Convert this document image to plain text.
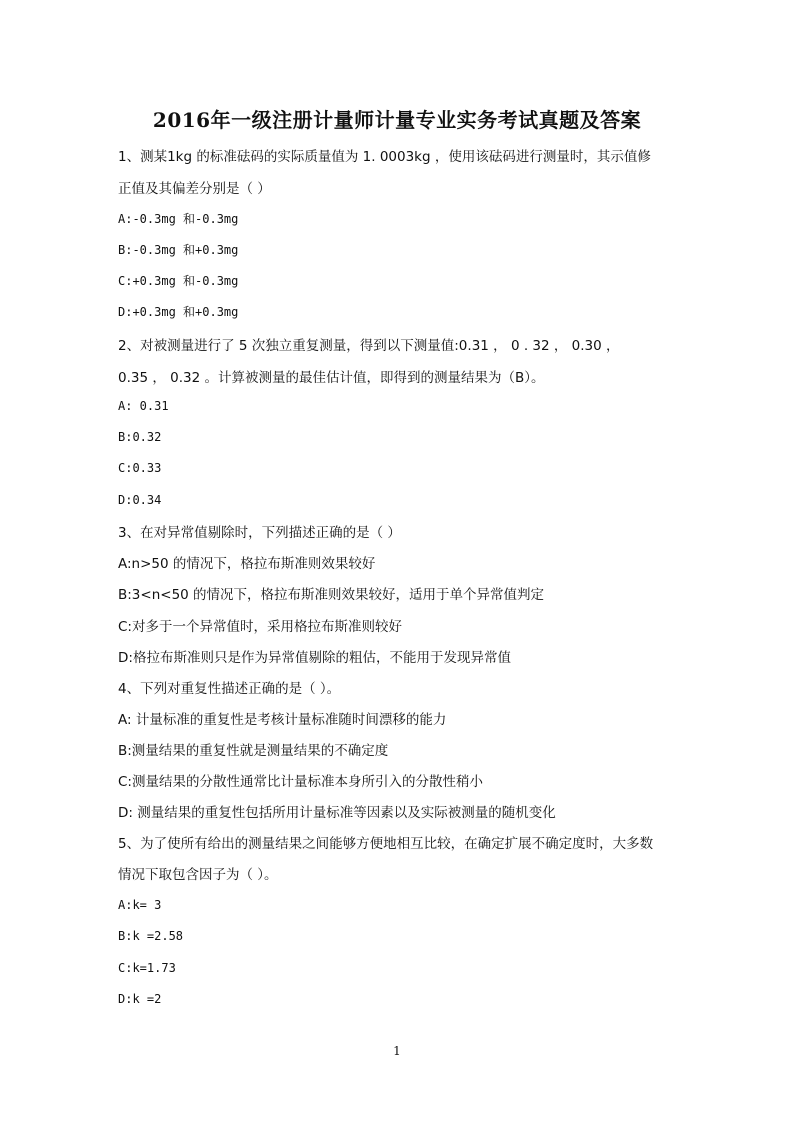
2016年一级注册计量师计量专业实务考试真题及答案
1、测某1kg 的标准砝码的实际质量值为 1. 0003kg ，使用该砝码进行测量时，其示值修
正值及其偏差分别是（ ）
A:-0.3mg 和-0.3mg
B:-0.3mg 和+0.3mg
C:+0.3mg 和-0.3mg
D:+0.3mg 和+0.3mg
2、对被测量进行了 5 次独立重复测量，得到以下测量值:0.31 ， 0 . 32 ， 0.30 ，
0.35 ， 0.32 。计算被测量的最佳估计值，即得到的测量结果为（B）。
A: 0.31
B:0.32
C:0.33
D:0.34
3、在对异常值剔除时，下列描述正确的是（ ）
A:n>50 的情况下，格拉布斯准则效果较好
B:3<n<50 的情况下，格拉布斯准则效果较好，适用于单个异常值判定
C:对多于一个异常值时，采用格拉布斯准则较好
D:格拉布斯准则只是作为异常值剔除的粗估，不能用于发现异常值
4、下列对重复性描述正确的是（ ）。
A: 计量标准的重复性是考核计量标准随时间漂移的能力
B:测量结果的重复性就是测量结果的不确定度
C:测量结果的分散性通常比计量标准本身所引入的分散性稍小
D: 测量结果的重复性包括所用计量标准等因素以及实际被测量的随机变化
5、为了使所有给出的测量结果之间能够方便地相互比较，在确定扩展不确定度时，大多数
情况下取包含因子为（ ）。
A:k= 3
B:k =2.58
C:k=1.73
D:k =2
1
